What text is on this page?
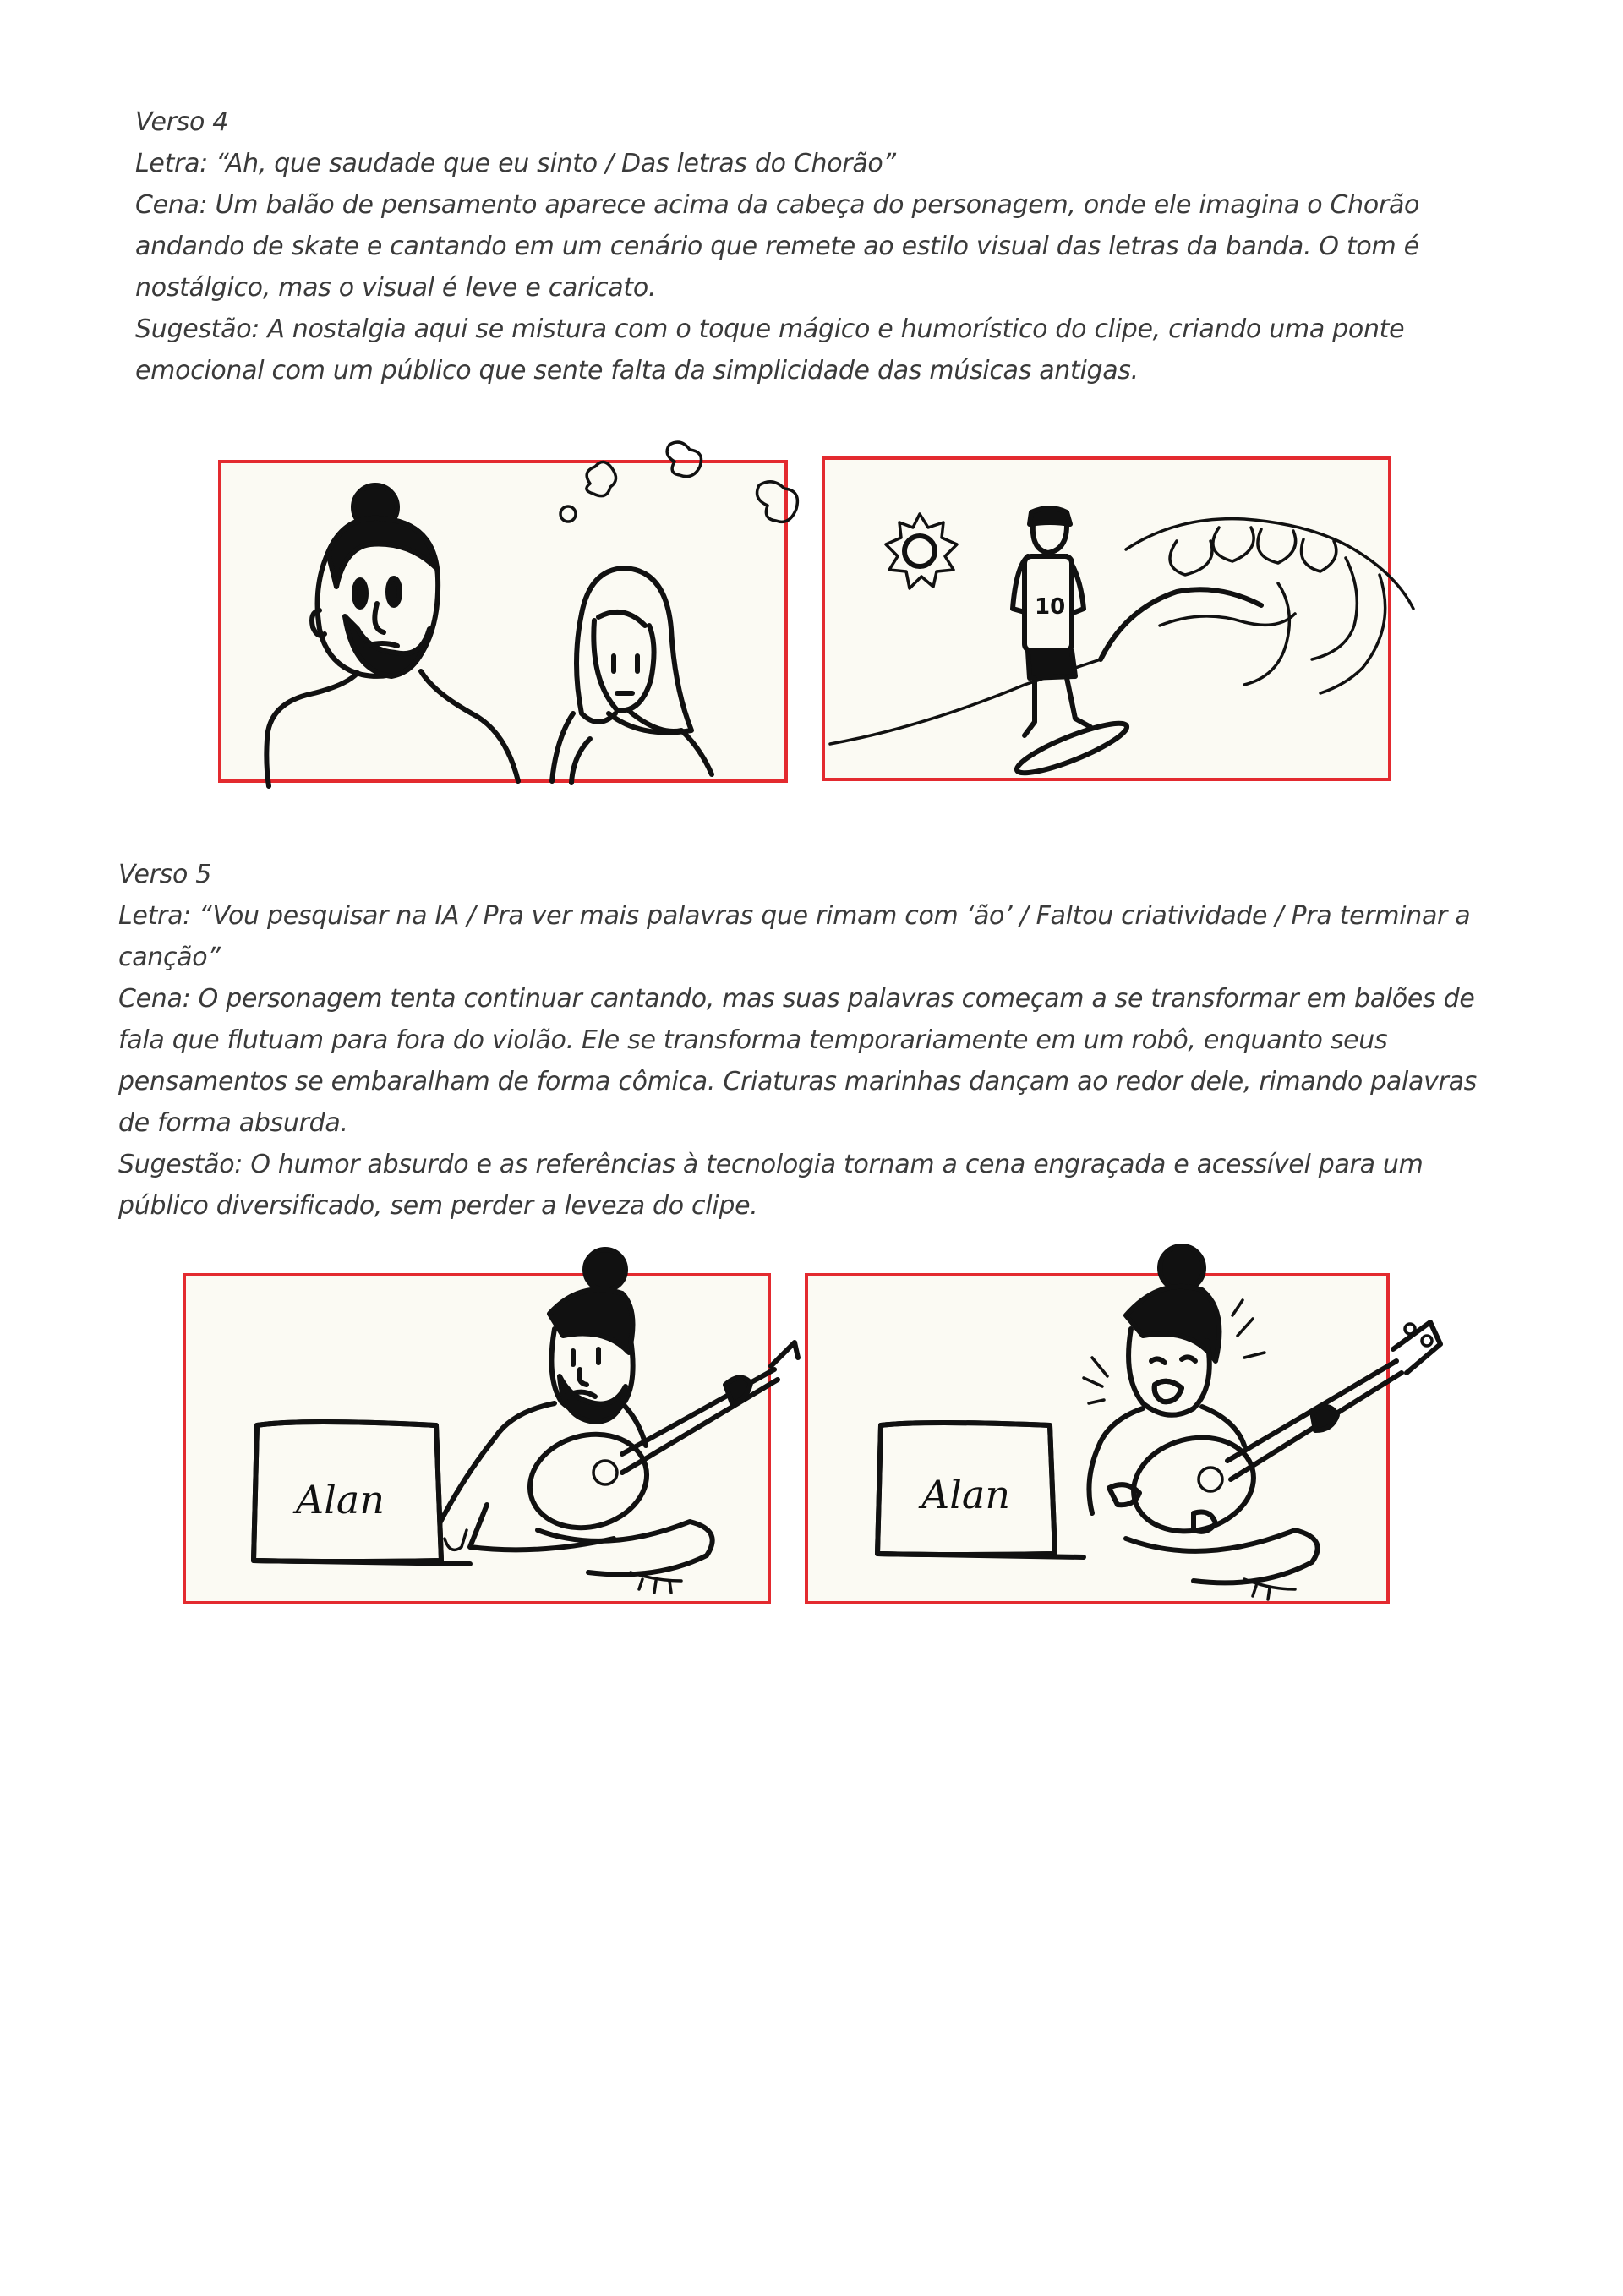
Verso 4

Letra: “Ah, que saudade que eu sinto / Das letras do Chorão”

Cena: Um balão de pensamento aparece acima da cabeça do personagem, onde ele imagina o Chorão andando de skate e cantando em um cenário que remete ao estilo visual das letras da banda. O tom é nostálgico, mas o visual é leve e caricato.

Sugestão: A nostalgia aqui se mistura com o toque mágico e humorístico do clipe, criando uma ponte emocional com um público que sente falta da simplicidade das músicas antigas.

10

Verso 5

Letra: “Vou pesquisar na IA / Pra ver mais palavras que rimam com ‘ão’ / Faltou criatividade / Pra terminar a canção”

Cena: O personagem tenta continuar cantando, mas suas palavras começam a se transformar em balões de fala que flutuam para fora do violão. Ele se transforma temporariamente em um robô, enquanto seus pensamentos se embaralham de forma cômica. Criaturas marinhas dançam ao redor dele, rimando palavras de forma absurda.

Sugestão: O humor absurdo e as referências à tecnologia tornam a cena engraçada e acessível para um público diversificado, sem perder a leveza do clipe.

Alan	Alan
